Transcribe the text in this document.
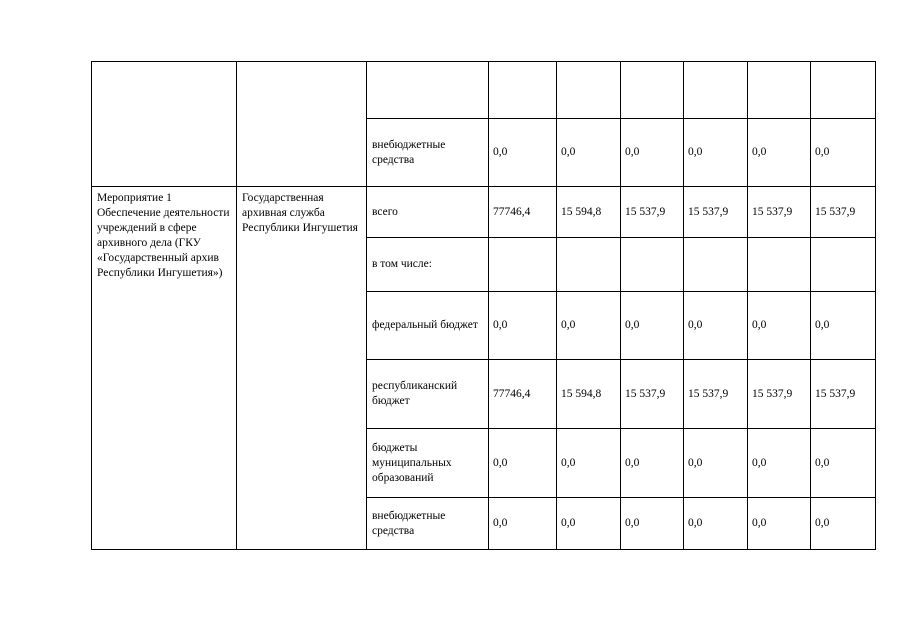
		внебюджетные средства	0,0	0,0	0,0	0,0	0,0	0,0
Мероприятие 1 Обеспечение деятельности учреждений в сфере архивного дела (ГКУ «Государственный архив Республики Ингушетия»)	Государственная архивная служба Республики Ингушетия	всего	77746,4	15 594,8	15 537,9	15 537,9	15 537,9	15 537,9
		в том числе:						
		федеральный бюджет	0,0	0,0	0,0	0,0	0,0	0,0
		республиканский бюджет	77746,4	15 594,8	15 537,9	15 537,9	15 537,9	15 537,9
		бюджеты муниципальных образований	0,0	0,0	0,0	0,0	0,0	0,0
		внебюджетные средства	0,0	0,0	0,0	0,0	0,0	0,0
